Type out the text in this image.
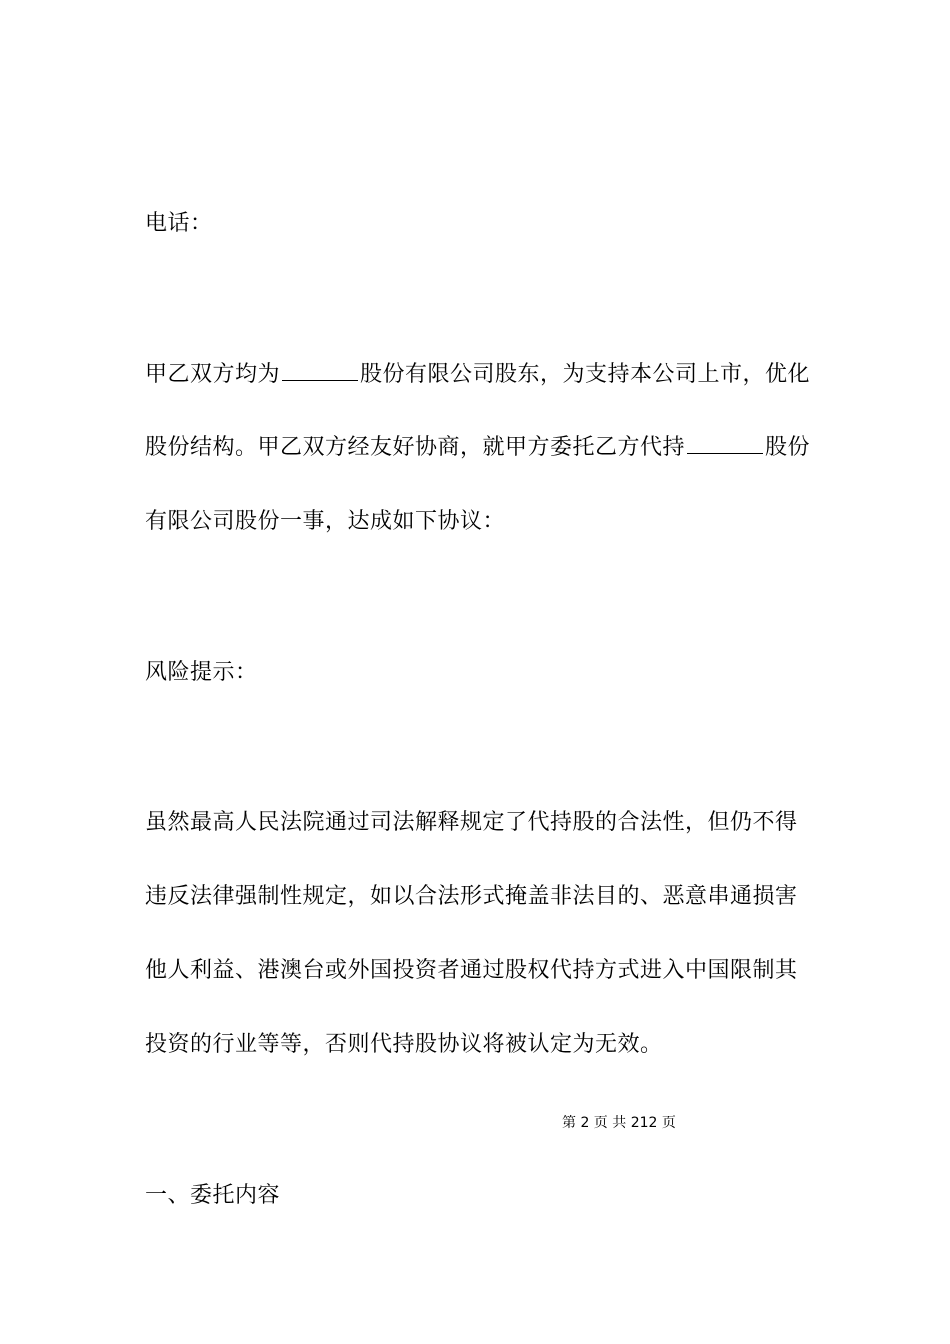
电话：
甲乙双方均为	股份有限公司股东，为支持本公司上市，优化
股份结构。甲乙双方经友好协商，就甲方委托乙方代持	股份
有限公司股份一事，达成如下协议：
风险提示：
虽然最高人民法院通过司法解释规定了代持股的合法性，但仍不得
违反法律强制性规定，如以合法形式掩盖非法目的、恶意串通损害
他人利益、港澳台或外国投资者通过股权代持方式进入中国限制其
投资的行业等等，否则代持股协议将被认定为无效。
第 2 页 共 212 页
一、委托内容
